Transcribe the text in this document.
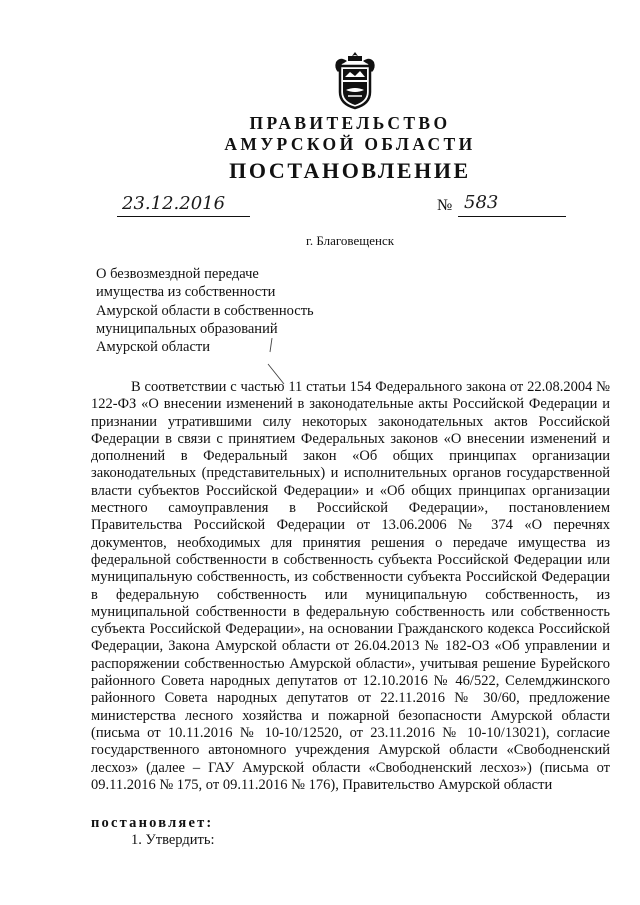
ПРАВИТЕЛЬСТВО
АМУРСКОЙ ОБЛАСТИ
ПОСТАНОВЛЕНИЕ
23.12.2016	№ 583
г. Благовещенск
О безвозмездной передаче
имущества из собственности
Амурской области в собственность
муниципальных образований
Амурской области
В соответствии с частью 11 статьи 154 Федерального закона от 22.08.2004 № 122-ФЗ «О внесении изменений в законодательные акты Российской Федерации и признании утратившими силу некоторых законодательных актов Российской Федерации в связи с принятием Федеральных законов «О внесении изменений и дополнений в Федеральный закон «Об общих принципах организации законодательных (представительных) и исполнительных органов государственной власти субъектов Российской Федерации» и «Об общих принципах организации местного самоуправления в Российской Федерации», постановлением Правительства Российской Федерации от 13.06.2006 № 374 «О перечнях документов, необходимых для принятия решения о передаче имущества из федеральной собственности в собственность субъекта Российской Федерации или муниципальную собственность, из собственности субъекта Российской Федерации в федеральную собственность или муниципальную собственность, из муниципальной собственности в федеральную собственность или собственность субъекта Российской Федерации», на основании Гражданского кодекса Российской Федерации, Закона Амурской области от 26.04.2013 № 182-ОЗ «Об управлении и распоряжении собственностью Амурской области», учитывая решение Бурейского районного Совета народных депутатов от 12.10.2016 № 46/522, Селемджинского районного Совета народных депутатов от 22.11.2016 № 30/60, предложение министерства лесного хозяйства и пожарной безопасности Амурской области (письма от 10.11.2016 № 10-10/12520, от 23.11.2016 № 10-10/13021), согласие государственного автономного учреждения Амурской области «Свободненский лесхоз» (далее – ГАУ Амурской области «Свободненский лесхоз») (письма от 09.11.2016 № 175, от 09.11.2016 № 176), Правительство Амурской области
постановляет:
1. Утвердить:
